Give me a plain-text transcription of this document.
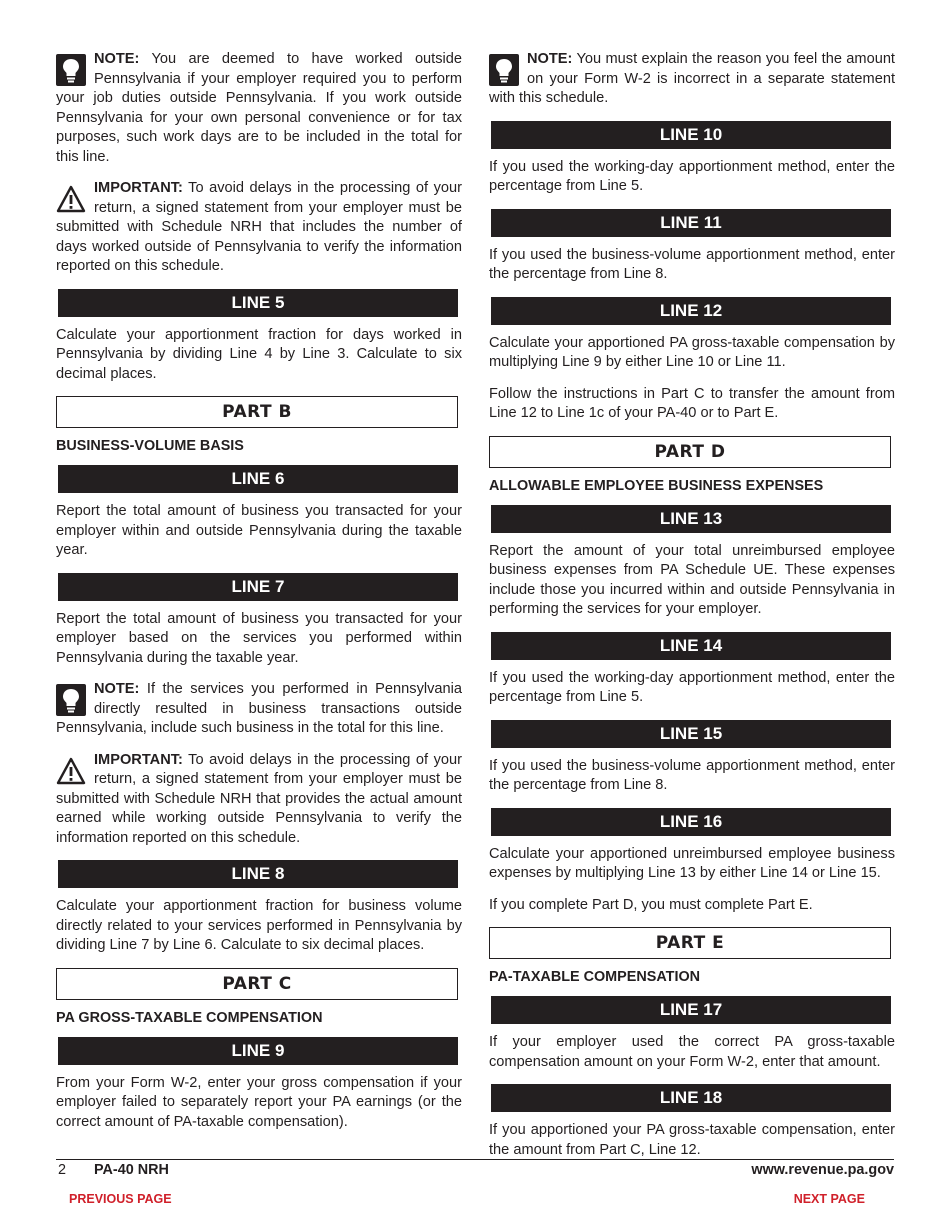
NOTE: You are deemed to have worked outside Pennsylvania if your employer required you to perform your job duties outside Pennsylvania. If you work outside Pennsylvania for your own personal convenience or for tax purposes, such work days are to be included in the total for this line.
IMPORTANT: To avoid delays in the processing of your return, a signed statement from your employer must be submitted with Schedule NRH that includes the number of days worked outside of Pennsylvania to verify the information reported on this schedule.
LINE 5

Calculate your apportionment fraction for days worked in Pennsylvania by dividing Line 4 by Line 3. Calculate to six decimal places.

PART B
BUSINESS-VOLUME BASIS
LINE 6

Report the total amount of business you transacted for your employer within and outside Pennsylvania during the taxable year.

LINE 7

Report the total amount of business you transacted for your employer based on the services you performed within Pennsylvania during the taxable year.

NOTE: If the services you performed in Pennsylvania directly resulted in business transactions outside Pennsylvania, include such business in the total for this line.
IMPORTANT: To avoid delays in the processing of your return, a signed statement from your employer must be submitted with Schedule NRH that provides the actual amount earned while working outside Pennsylvania to verify the information reported on this schedule.
LINE 8

Calculate your apportionment fraction for business volume directly related to your services performed in Pennsylvania by dividing Line 7 by Line 6. Calculate to six decimal places.

PART C
PA GROSS-TAXABLE COMPENSATION
LINE 9

From your Form W-2, enter your gross compensation if your employer failed to separately report your PA earnings (or the correct amount of PA-taxable compensation).

NOTE: You must explain the reason you feel the amount on your Form W-2 is incorrect in a separate statement with this schedule.
LINE 10

If you used the working-day apportionment method, enter the percentage from Line 5.

LINE 11

If you used the business-volume apportionment method, enter the percentage from Line 8.

LINE 12

Calculate your apportioned PA gross-taxable compensation by multiplying Line 9 by either Line 10 or Line 11.

Follow the instructions in Part C to transfer the amount from Line 12 to Line 1c of your PA-40 or to Part E.

PART D
ALLOWABLE EMPLOYEE BUSINESS EXPENSES
LINE 13

Report the amount of your total unreimbursed employee business expenses from PA Schedule UE. These expenses include those you incurred within and outside Pennsylvania in performing the services for your employer.

LINE 14

If you used the working-day apportionment method, enter the percentage from Line 5.

LINE 15

If you used the business-volume apportionment method, enter the percentage from Line 8.

LINE 16

Calculate your apportioned unreimbursed employee business expenses by multiplying Line 13 by either Line 14 or Line 15.

If you complete Part D, you must complete Part E.

PART E
PA-TAXABLE COMPENSATION
LINE 17

If your employer used the correct PA gross-taxable compensation amount on your Form W-2, enter that amount.

LINE 18

If you apportioned your PA gross-taxable compensation, enter the amount from Part C, Line 12.

2 PA-40 NRH	www.revenue.pa.gov
PREVIOUS PAGE	NEXT PAGE
